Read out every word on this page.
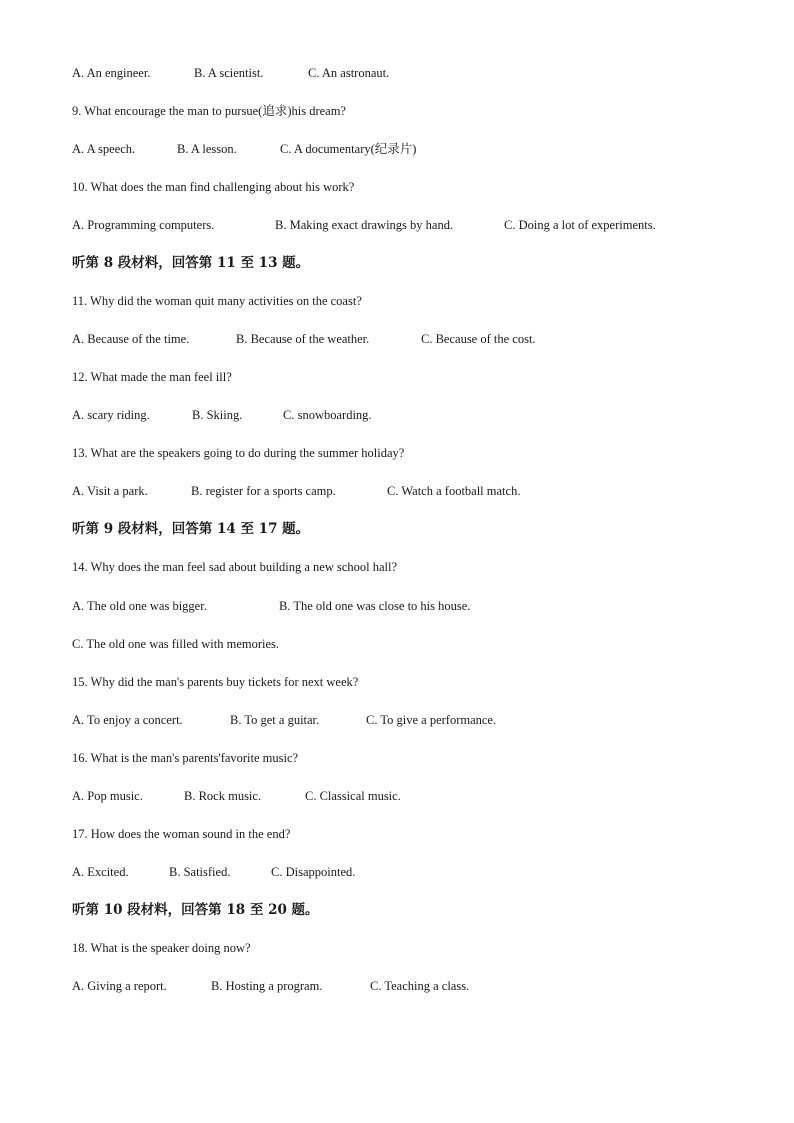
A. An engineer.	B. A scientist.	C. An astronaut.
9. What encourage the man to pursue(追求)his dream?
A. A speech.	B. A lesson.	C. A documentary(纪录片)
10. What does the man find challenging about his work?
A. Programming computers.	B. Making exact drawings by hand.	C. Doing a lot of experiments.
听第 8 段材料，回答第 11 至 13 题。
11. Why did the woman quit many activities on the coast?
A. Because of the time.	B. Because of the weather.	C. Because of the cost.
12. What made the man feel ill?
A. scary riding.	B. Skiing.	C. snowboarding.
13. What are the speakers going to do during the summer holiday?
A. Visit a park.	B. register for a sports camp.	C. Watch a football match.
听第 9 段材料，回答第 14 至 17 题。
14. Why does the man feel sad about building a new school hall?
A. The old one was bigger.	B. The old one was close to his house.
C. The old one was filled with memories.
15. Why did the man's parents buy tickets for next week?
A. To enjoy a concert.	B. To get a guitar.	C. To give a performance.
16. What is the man's parents'favorite music?
A. Pop music.	B. Rock music.	C. Classical music.
17. How does the woman sound in the end?
A. Excited.	B. Satisfied.	C. Disappointed.
听第 10 段材料，回答第 18 至 20 题。
18. What is the speaker doing now?
A. Giving a report.	B. Hosting a program.	C. Teaching a class.
